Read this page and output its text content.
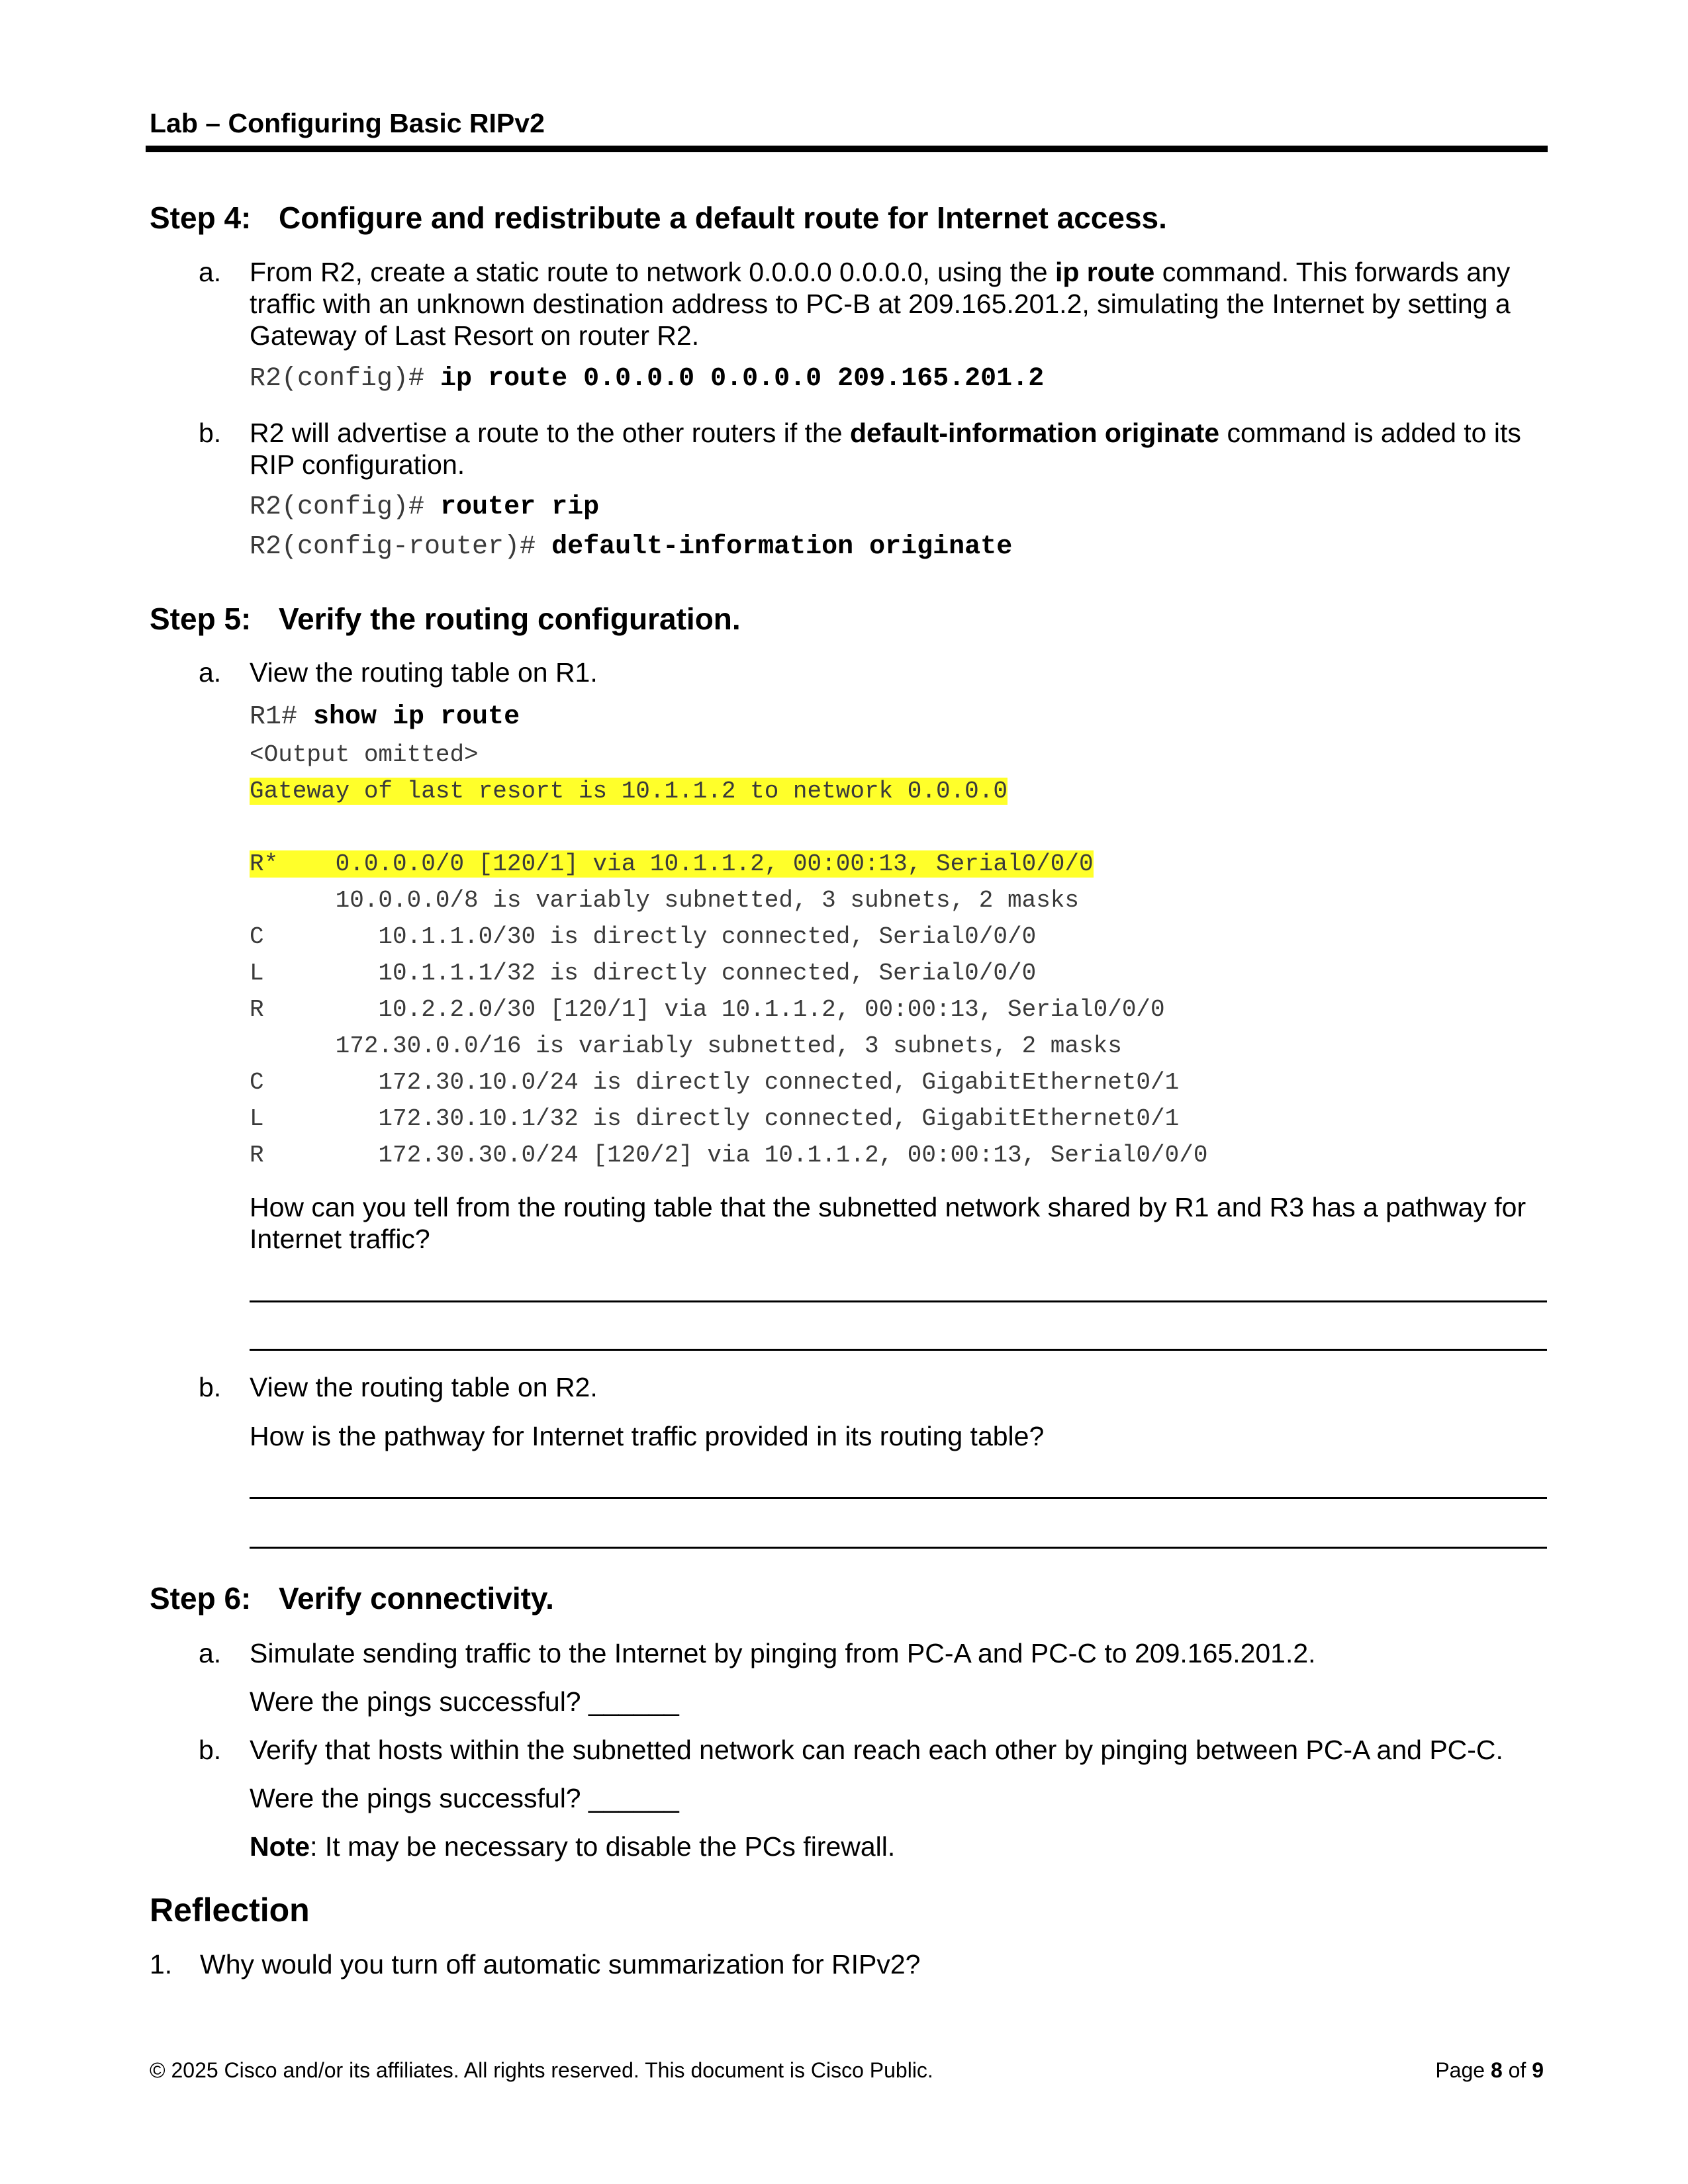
Lab – Configuring Basic RIPv2
Step 4: Configure and redistribute a default route for Internet access.
a. From R2, create a static route to network 0.0.0.0 0.0.0.0, using the ip route command. This forwards any traffic with an unknown destination address to PC-B at 209.165.201.2, simulating the Internet by setting a Gateway of Last Resort on router R2.
R2(config)# ip route 0.0.0.0 0.0.0.0 209.165.201.2
b. R2 will advertise a route to the other routers if the default-information originate command is added to its RIP configuration.
R2(config)# router rip
R2(config-router)# default-information originate
Step 5: Verify the routing configuration.
a. View the routing table on R1.
R1# show ip route
<Output omitted>
Gateway of last resort is 10.1.1.2 to network 0.0.0.0
R*    0.0.0.0/0 [120/1] via 10.1.1.2, 00:00:13, Serial0/0/0
10.0.0.0/8 is variably subnetted, 3 subnets, 2 masks
C        10.1.1.0/30 is directly connected, Serial0/0/0
L        10.1.1.1/32 is directly connected, Serial0/0/0
R        10.2.2.0/30 [120/1] via 10.1.1.2, 00:00:13, Serial0/0/0
172.30.0.0/16 is variably subnetted, 3 subnets, 2 masks
C        172.30.10.0/24 is directly connected, GigabitEthernet0/1
L        172.30.10.1/32 is directly connected, GigabitEthernet0/1
R        172.30.30.0/24 [120/2] via 10.1.1.2, 00:00:13, Serial0/0/0
How can you tell from the routing table that the subnetted network shared by R1 and R3 has a pathway for Internet traffic?
b. View the routing table on R2.
How is the pathway for Internet traffic provided in its routing table?
Step 6: Verify connectivity.
a. Simulate sending traffic to the Internet by pinging from PC-A and PC-C to 209.165.201.2.
Were the pings successful? ______
b. Verify that hosts within the subnetted network can reach each other by pinging between PC-A and PC-C.
Were the pings successful? ______
Note: It may be necessary to disable the PCs firewall.
Reflection
1. Why would you turn off automatic summarization for RIPv2?
© 2025 Cisco and/or its affiliates. All rights reserved. This document is Cisco Public.	Page 8 of 9
